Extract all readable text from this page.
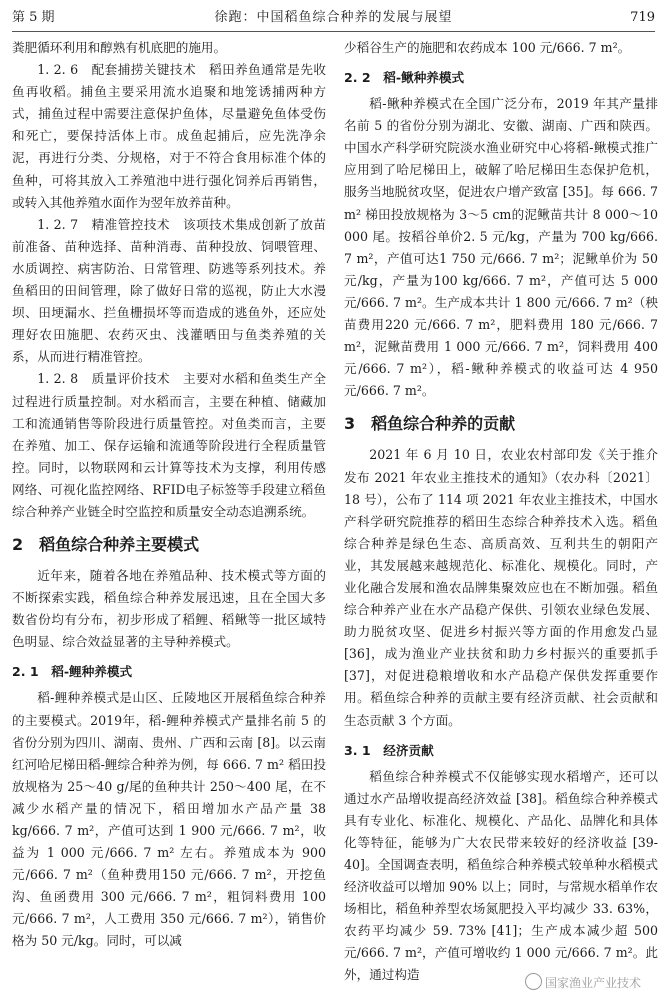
第 5 期	徐跑：中国稻鱼综合种养的发展与展望	719

粪肥循环利用和醇熟有机底肥的施用。

1. 2. 6　配套捕捞关键技术　稻田养鱼通常是先收鱼再收稻。捕鱼主要采用流水追聚和地笼诱捕两种方式，捕鱼过程中需要注意保护鱼体，尽量避免鱼体受伤和死亡，要保持活体上市。成鱼起捕后，应先洗净余泥，再进行分类、分规格，对于不符合食用标准个体的鱼种，可将其放入工养殖池中进行强化饲养后再销售，或转入其他养殖水面作为翌年放养苗种。

1. 2. 7　精准管控技术　该项技术集成创新了放苗前准备、苗种选择、苗种消毒、苗种投放、饲喂管理、水质调控、病害防治、日常管理、防逃等系列技术。养鱼稻田的田间管理，除了做好日常的巡视，防止大水漫坝、田埂漏水、拦鱼栅损坏等而造成的逃鱼外，还应处理好农田施肥、农药灭虫、浅灌晒田与鱼类养殖的关系，从而进行精准管控。

1. 2. 8　质量评价技术　主要对水稻和鱼类生产全过程进行质量控制。对水稻而言，主要在种植、储藏加工和流通销售等阶段进行质量管控。对鱼类而言，主要在养殖、加工、保存运输和流通等阶段进行全程质量管控。同时，以物联网和云计算等技术为支撑，利用传感网络、可视化监控网络、RFID电子标签等手段建立稻鱼综合种养产业链全时空监控和质量安全动态追溯系统。

2　稻鱼综合种养主要模式

近年来，随着各地在养殖品种、技术模式等方面的不断探索实践，稻鱼综合种养发展迅速，且在全国大多数省份均有分布，初步形成了稻鲤、稻鳅等一批区域特色明显、综合效益显著的主导种养模式。

2. 1　稻-鲤种养模式

稻-鲤种养模式是山区、丘陵地区开展稻鱼综合种养的主要模式。2019年，稻-鲤种养模式产量排名前 5 的省份分别为四川、湖南、贵州、广西和云南 [8]。以云南红河哈尼梯田稻-鲤综合种养为例，每 666. 7 m² 稻田投放规格为 25～40 g/尾的鱼种共计 250～400 尾，在不减少水稻产量的情况下，稻田增加水产品产量 38 kg/666. 7 m²，产值可达到 1 900 元/666. 7 m²，收益为 1 000 元/666. 7 m² 左右。养殖成本为 900 元/666. 7 m²（鱼种费用150 元/666. 7 m²，开挖鱼沟、鱼函费用 300 元/666. 7 m²，粗饲料费用 100 元/666. 7 m²，人工费用 350 元/666. 7 m²），销售价格为 50 元/kg。同时，可以减

少稻谷生产的施肥和农药成本 100 元/666. 7 m²。

2. 2　稻-鳅种养模式

稻-鳅种养模式在全国广泛分布，2019 年其产量排名前 5 的省份分别为湖北、安徽、湖南、广西和陕西。中国水产科学研究院淡水渔业研究中心将稻-鳅模式推广应用到了哈尼梯田上，破解了哈尼梯田生态保护危机，服务当地脱贫攻坚，促进农户增产致富 [35]。每 666. 7 m² 梯田投放规格为 3～5 cm的泥鳅苗共计 8 000～10 000 尾。按稻谷单价2. 5 元/kg，产量为 700 kg/666. 7 m²，产值可达1 750 元/666. 7 m²；泥鳅单价为 50 元/kg，产量为100 kg/666. 7 m²，产值可达 5 000 元/666. 7 m²。生产成本共计 1 800 元/666. 7 m²（秧苗费用220 元/666. 7 m²，肥料费用 180 元/666. 7 m²，泥鳅苗费用 1 000 元/666. 7 m²，饲料费用 400 元/666. 7 m²），稻-鳅种养模式的收益可达 4 950 元/666. 7 m²。

3　稻鱼综合种养的贡献

2021 年 6 月 10 日，农业农村部印发《关于推介发布 2021 年农业主推技术的通知》（农办科〔2021〕18 号），公布了 114 项 2021 年农业主推技术，中国水产科学研究院推荐的稻田生态综合种养技术入选。稻鱼综合种养是绿色生态、高质高效、互利共生的朝阳产业，其发展越来越规范化、标准化、规模化。同时，产业化融合发展和渔农品牌集聚效应也在不断加强。稻鱼综合种养产业在水产品稳产保供、引领农业绿色发展、助力脱贫攻坚、促进乡村振兴等方面的作用愈发凸显 [36]，成为渔业产业扶贫和助力乡村振兴的重要抓手 [37]，对促进稳粮增收和水产品稳产保供发挥重要作用。稻鱼综合种养的贡献主要有经济贡献、社会贡献和生态贡献 3 个方面。

3. 1　经济贡献

稻鱼综合种养模式不仅能够实现水稻增产，还可以通过水产品增收提高经济效益 [38]。稻鱼综合种养模式具有专业化、标准化、规模化、产品化、品牌化和具体化等特征，能够为广大农民带来较好的经济收益 [39-40]。全国调查表明，稻鱼综合种养模式较单种水稻模式经济收益可以增加 90% 以上；同时，与常规水稻单作农场相比，稻鱼种养型农场氮肥投入平均减少 33. 63%，农药平均减少 59. 73% [41]；生产成本减少超 500 元/666. 7 m²，产值可增收约 1 000 元/666. 7 m²。此外，通过构造

国家渔业产业技术
